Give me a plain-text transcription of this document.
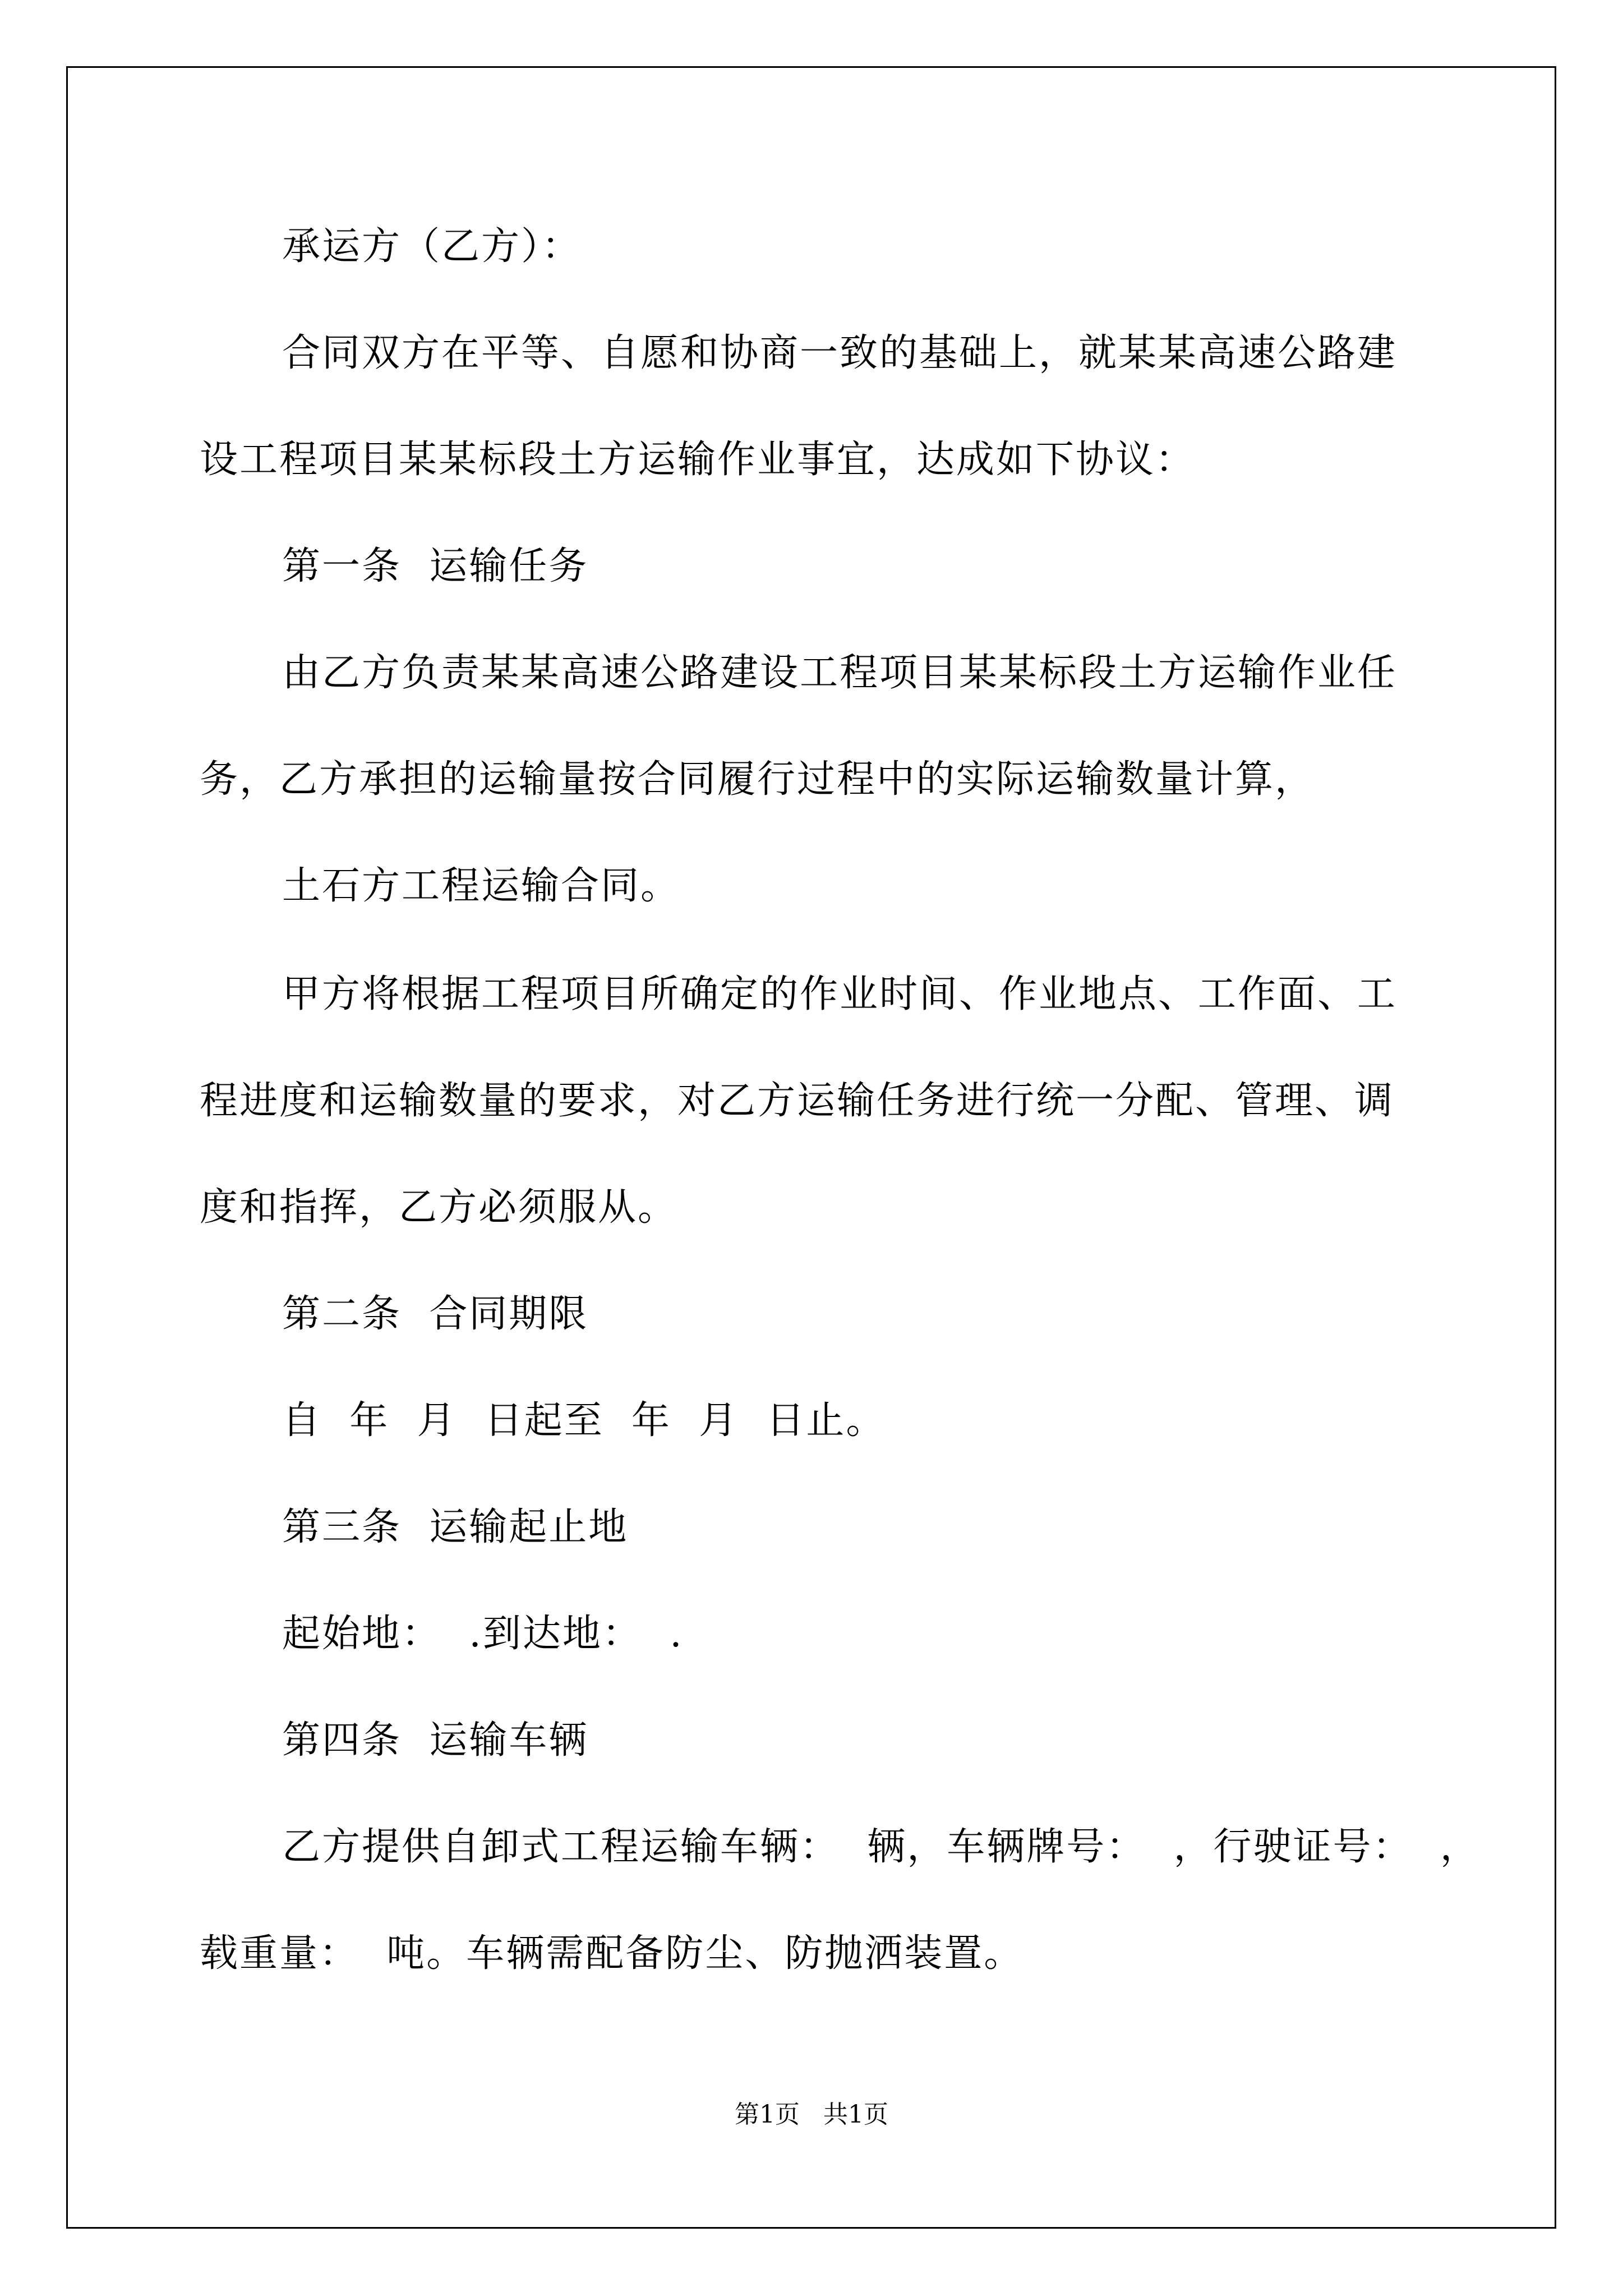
承运方（乙方）：

合同双方在平等、自愿和协商一致的基础上，就某某高速公路建

设工程项目某某标段土方运输作业事宜，达成如下协议：

第一条  运输任务

由乙方负责某某高速公路建设工程项目某某标段土方运输作业任

务，乙方承担的运输量按合同履行过程中的实际运输数量计算，

土石方工程运输合同。

甲方将根据工程项目所确定的作业时间、作业地点、工作面、工

程进度和运输数量的要求，对乙方运输任务进行统一分配、管理、调

度和指挥，乙方必须服从。

第二条  合同期限

自  年  月  日起至  年  月  日止。

第三条  运输起止地

起始地：  .到达地：  .

第四条  运输车辆

乙方提供自卸式工程运输车辆：  辆，车辆牌号：  ，行驶证号：  ，

载重量：  吨。车辆需配备防尘、防抛洒装置。

第1页   共1页
